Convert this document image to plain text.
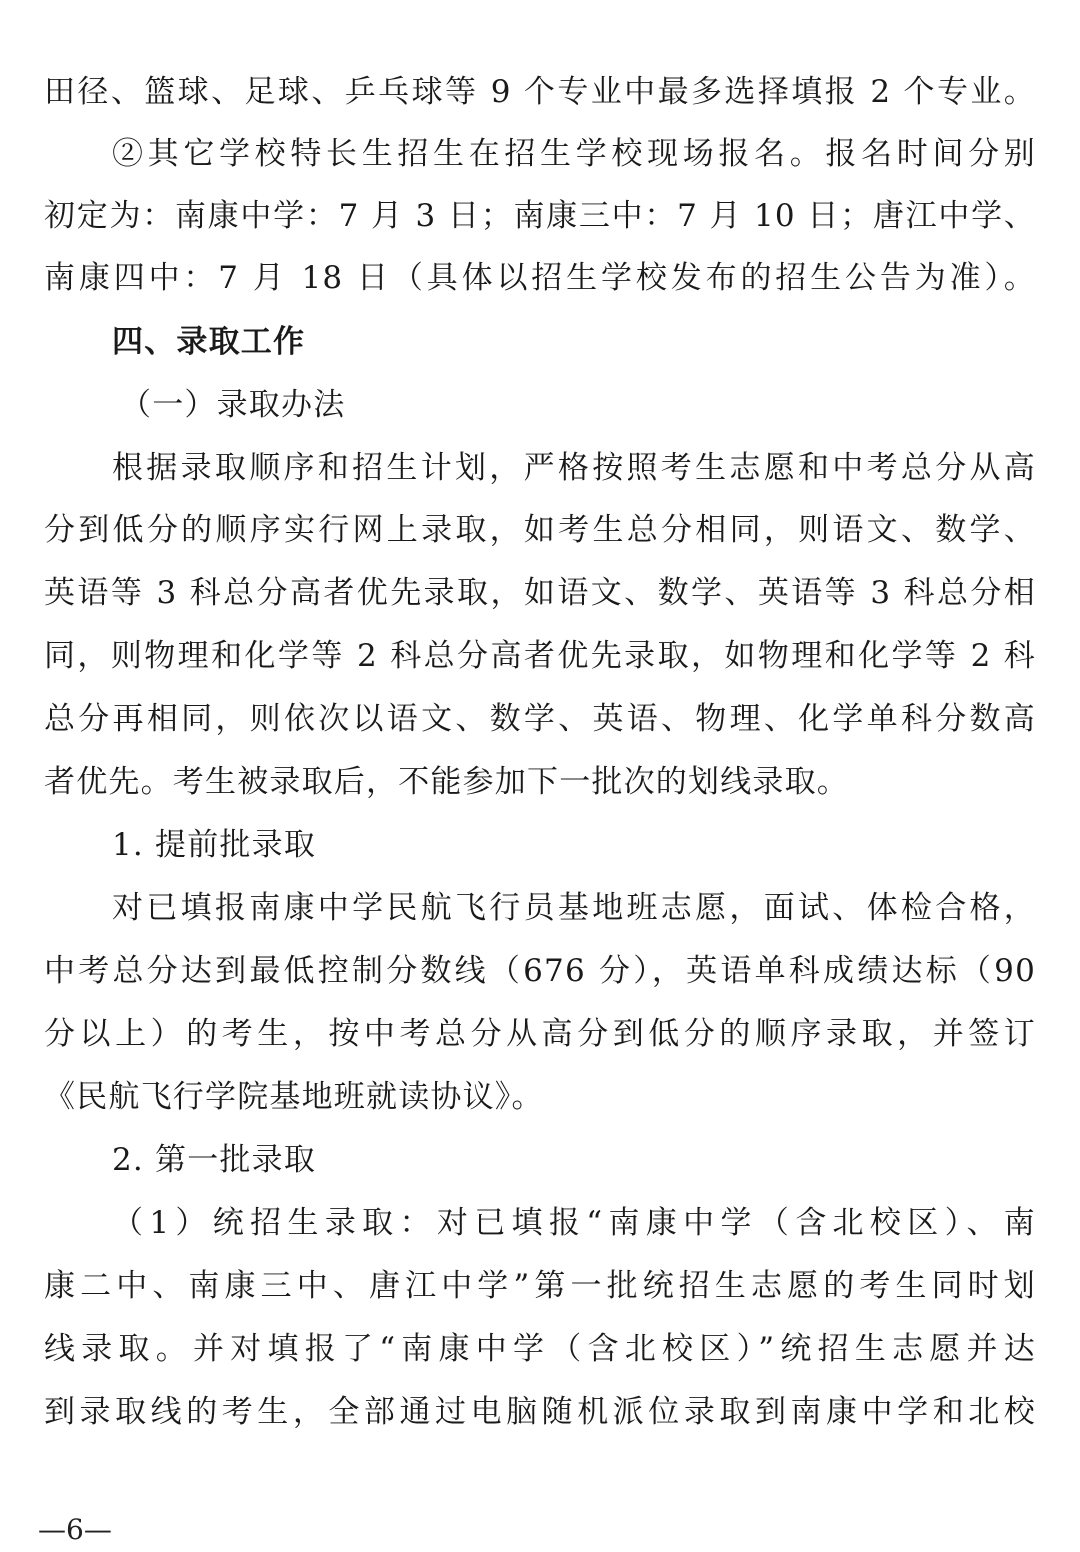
田径、篮球、足球、乒乓球等 9 个专业中最多选择填报 2 个专业。
②其它学校特长生招生在招生学校现场报名。报名时间分别
初定为：南康中学：7 月 3 日；南康三中：7 月 10 日；唐江中学、
南康四中：7 月 18 日（具体以招生学校发布的招生公告为准）。
四、录取工作
（一）录取办法
根据录取顺序和招生计划，严格按照考生志愿和中考总分从高
分到低分的顺序实行网上录取，如考生总分相同，则语文、数学、
英语等 3 科总分高者优先录取，如语文、数学、英语等 3 科总分相
同，则物理和化学等 2 科总分高者优先录取，如物理和化学等 2 科
总分再相同，则依次以语文、数学、英语、物理、化学单科分数高
者优先。考生被录取后，不能参加下一批次的划线录取。
1. 提前批录取
对已填报南康中学民航飞行员基地班志愿，面试、体检合格，
中考总分达到最低控制分数线（676 分），英语单科成绩达标（90
分以上）的考生，按中考总分从高分到低分的顺序录取，并签订
《民航飞行学院基地班就读协议》。
2. 第一批录取
（1）统招生录取：对已填报“南康中学（含北校区）、南
康二中、南康三中、唐江中学”第一批统招生志愿的考生同时划
线录取。并对填报了“南康中学（含北校区）”统招生志愿并达
到录取线的考生，全部通过电脑随机派位录取到南康中学和北校
—6—
